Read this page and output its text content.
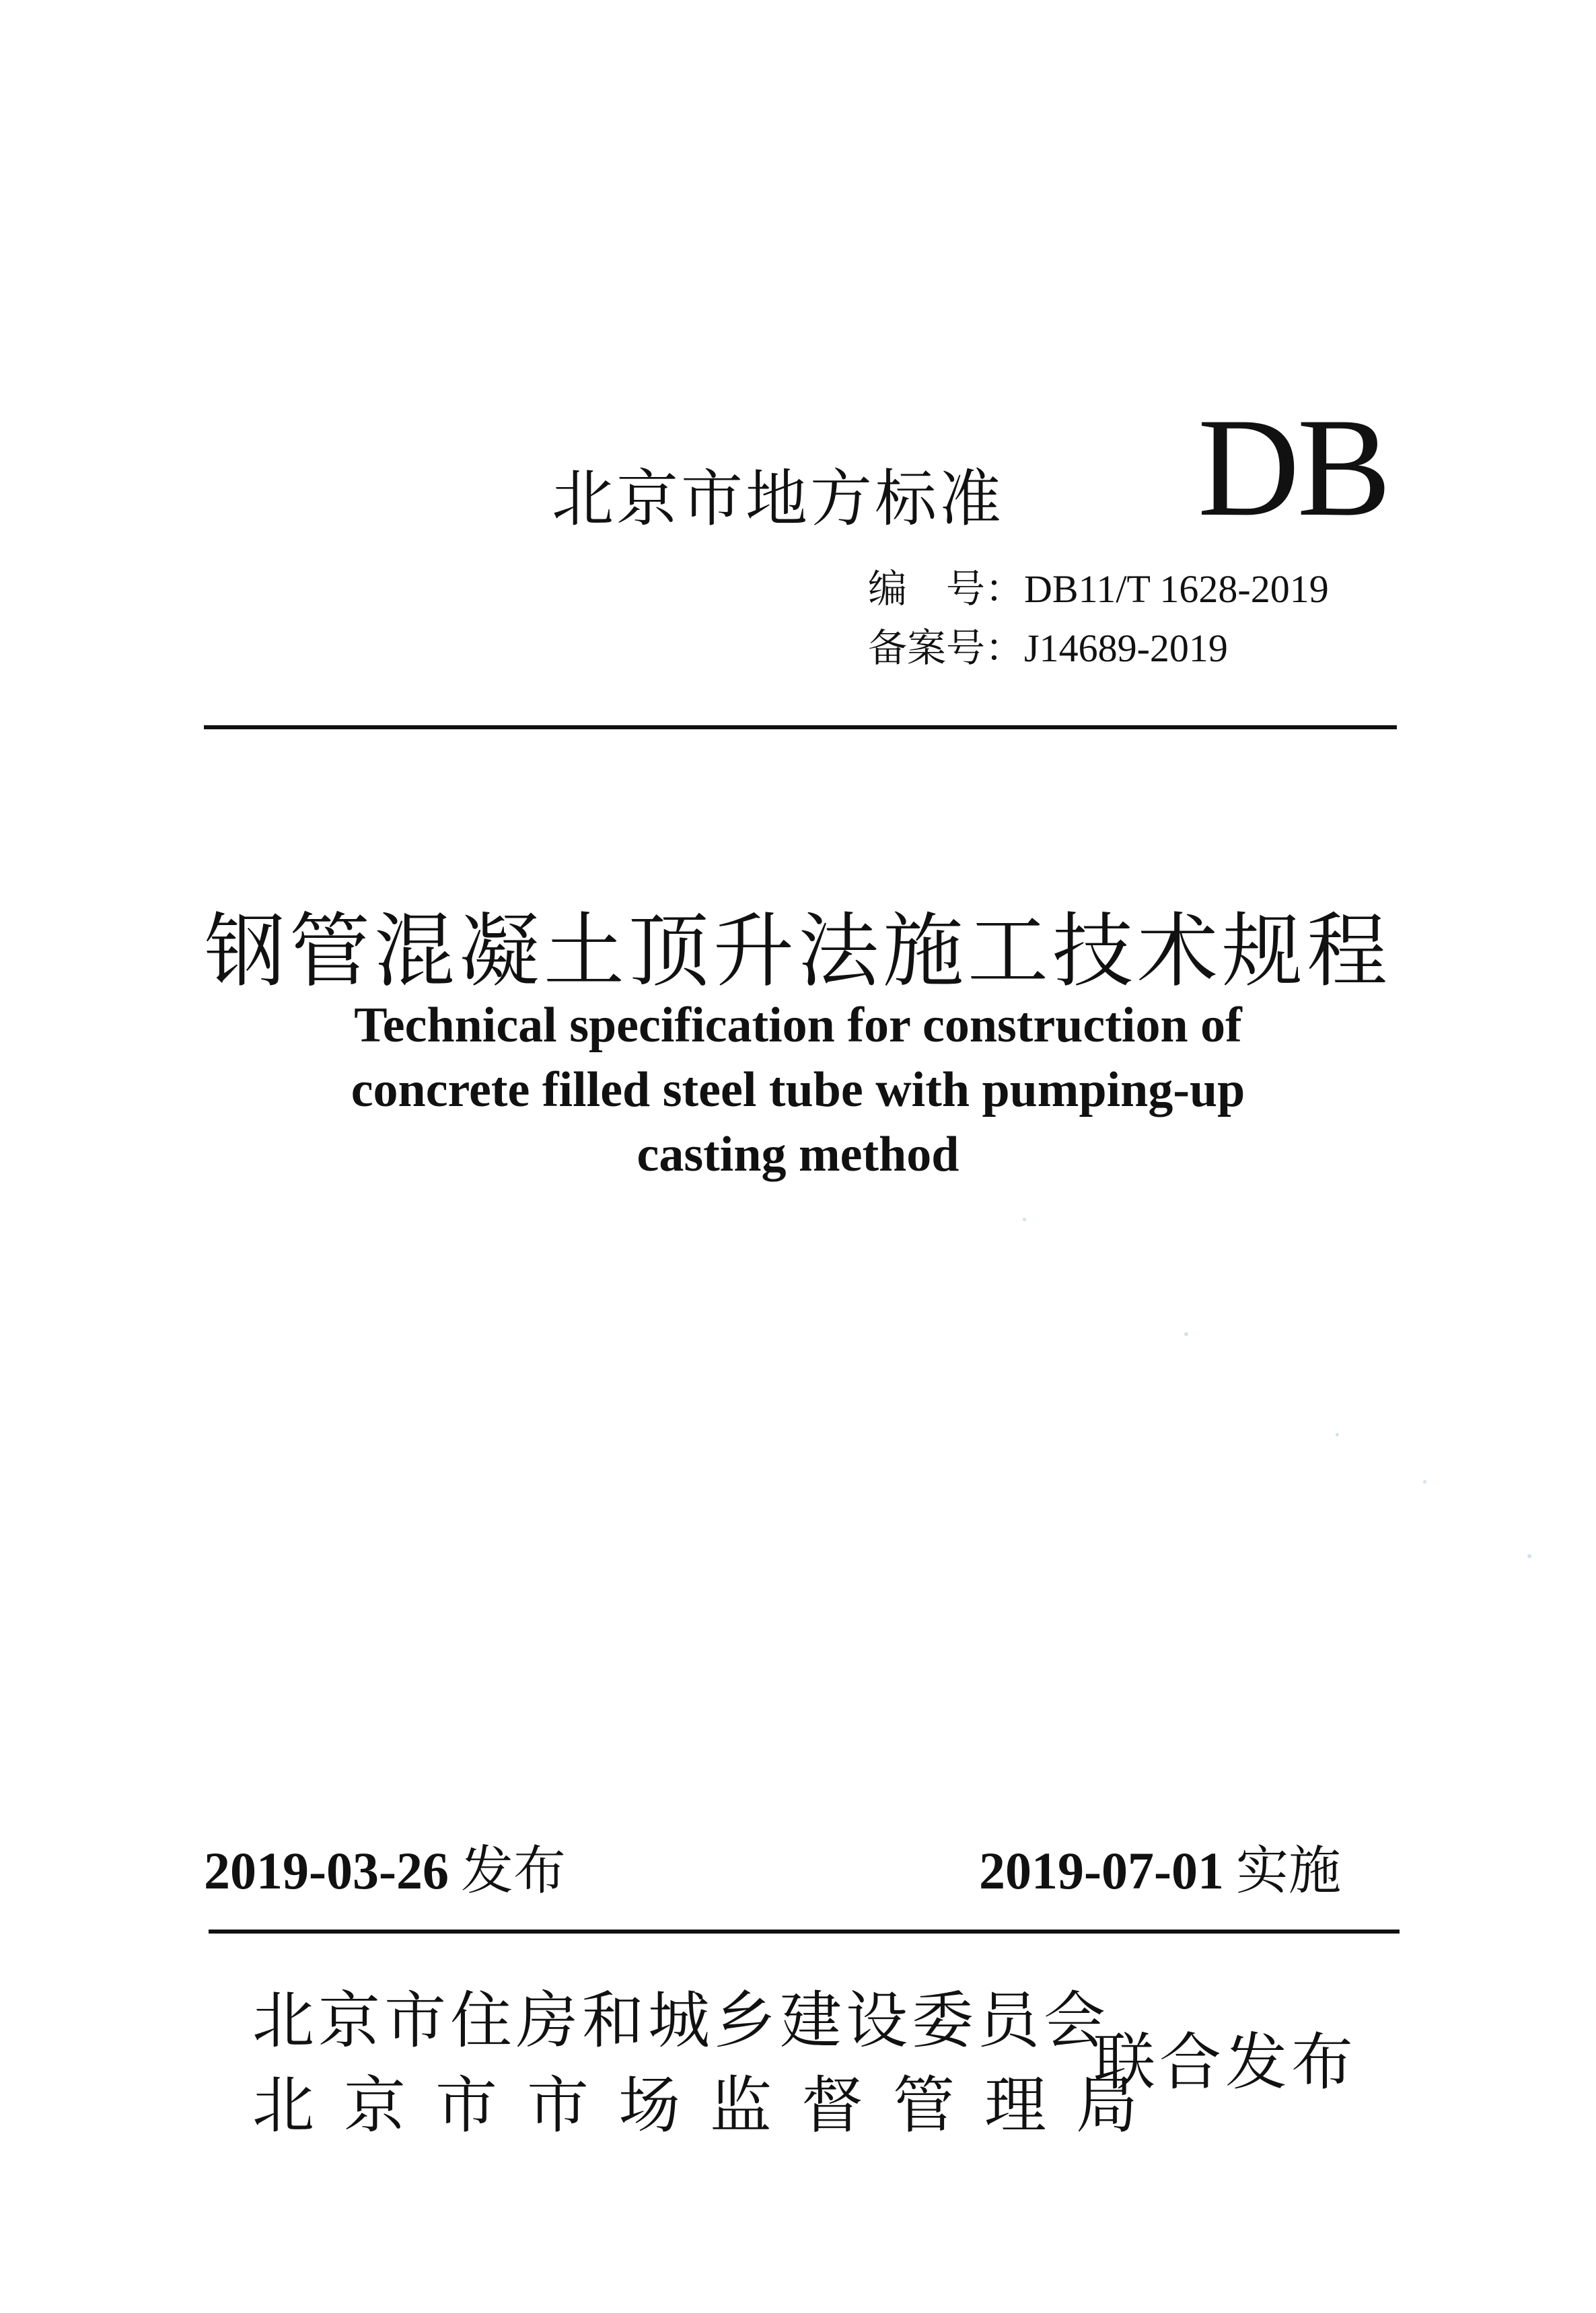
北京市地方标准 DB
编　号：DB11/T 1628-2019
备案号：J14689-2019
钢管混凝土顶升法施工技术规程
Technical specification for construction of
concrete filled steel tube with pumping-up
casting method
2019-03-26 发布	2019-07-01 实施
北京市住房和城乡建设委员会
北京市市场监督管理局
联合发布
